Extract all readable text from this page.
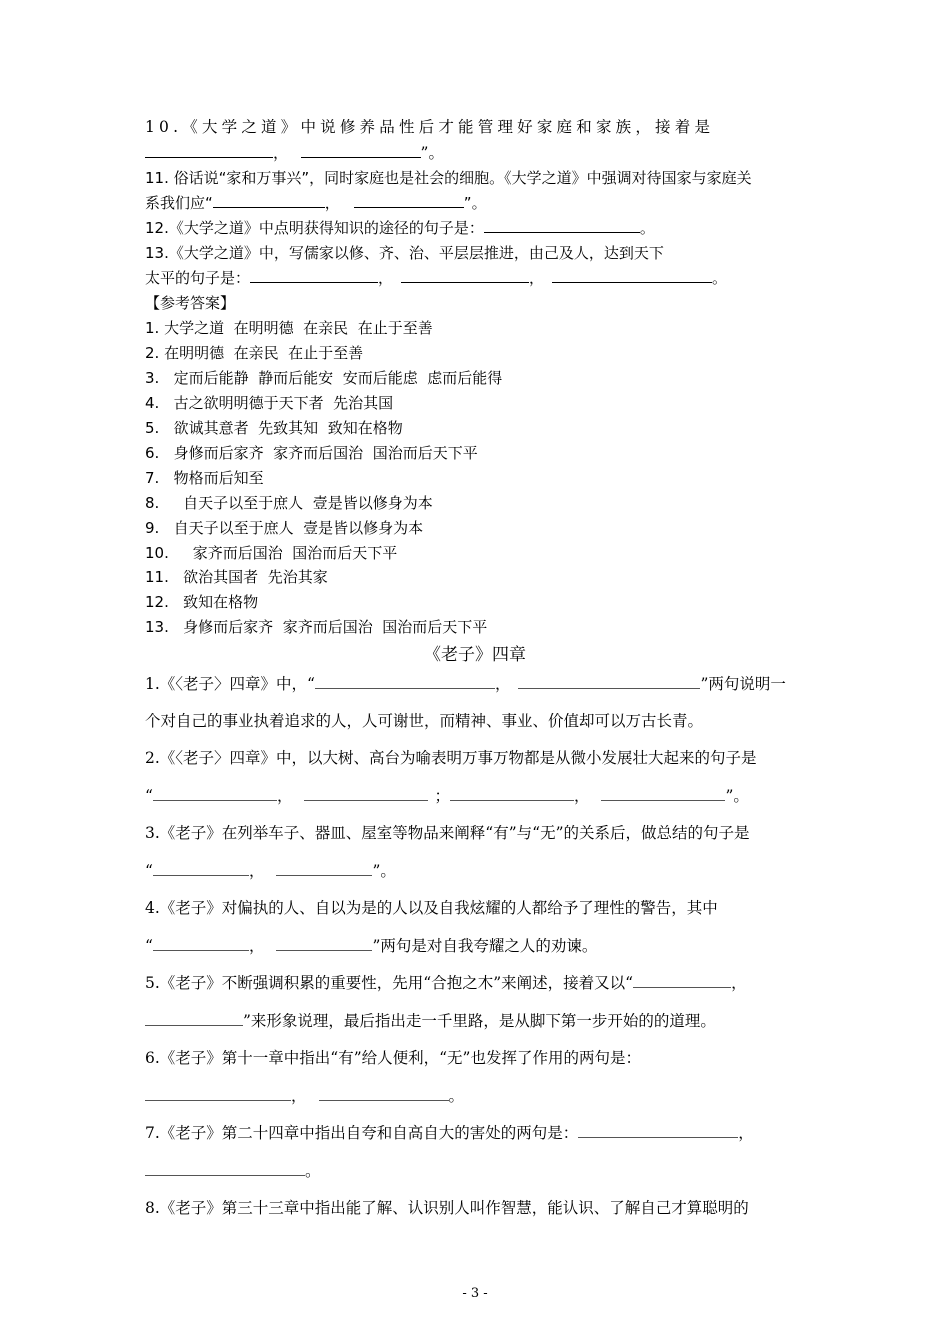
10.《大学之道》中说修养品性后才能管理好家庭和家族，接着是
，	”。
11. 俗话说“家和万事兴”，同时家庭也是社会的细胞。《大学之道》中强调对待国家与家庭关
系我们应“	，	”。
12.《大学之道》中点明获得知识的途径的句子是：	。
13.《大学之道》中，写儒家以修、齐、治、平层层推进，由己及人，达到天下
太平的句子是：	，	，	。
【参考答案】
1. 大学之道  在明明德  在亲民  在止于至善
2. 在明明德  在亲民  在止于至善
3.   定而后能静  静而后能安  安而后能虑  虑而后能得
4.   古之欲明明德于天下者  先治其国
5.   欲诚其意者  先致其知  致知在格物
6.   身修而后家齐  家齐而后国治  国治而后天下平
7.   物格而后知至
8.     自天子以至于庶人  壹是皆以修身为本
9.   自天子以至于庶人  壹是皆以修身为本
10.     家齐而后国治  国治而后天下平
11.   欲治其国者  先治其家
12.   致知在格物
13.   身修而后家齐  家齐而后国治  国治而后天下平
《老子》四章
1.《〈老子〉四章》中，“	，	”两句说明一
个对自己的事业执着追求的人，人可谢世，而精神、事业、价值却可以万古长青。
2.《〈老子〉四章》中，以大树、高台为喻表明万事万物都是从微小发展壮大起来的句子是
“	，	；	，	”。
3.《老子》在列举车子、器皿、屋室等物品来阐释“有”与“无”的关系后，做总结的句子是
“	，	”。
4.《老子》对偏执的人、自以为是的人以及自我炫耀的人都给予了理性的警告，其中
“	，	”两句是对自我夸耀之人的劝谏。
5.《老子》不断强调积累的重要性，先用“合抱之木”来阐述，接着又以“	，
”来形象说理，最后指出走一千里路，是从脚下第一步开始的的道理。
6.《老子》第十一章中指出“有”给人便利，“无”也发挥了作用的两句是：
，	。
7.《老子》第二十四章中指出自夸和自高自大的害处的两句是：	，
。
8.《老子》第三十三章中指出能了解、认识别人叫作智慧，能认识、了解自己才算聪明的
- 3 -
